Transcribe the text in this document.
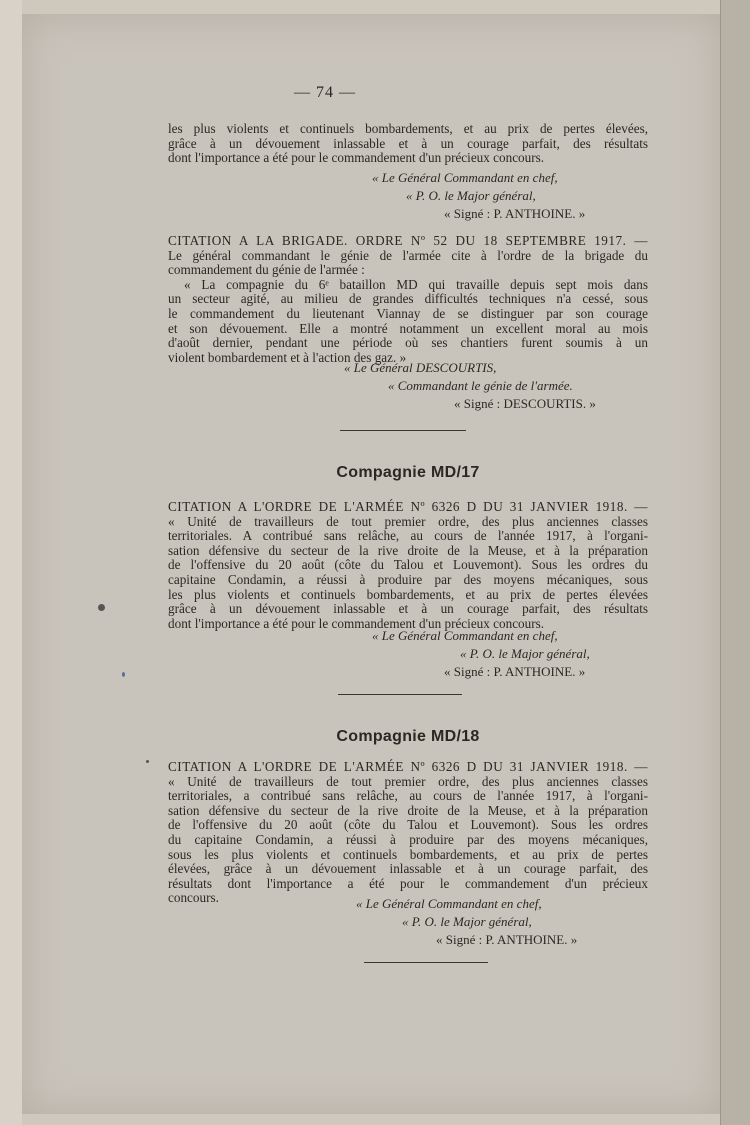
— 74 —
les plus violents et continuels bombardements, et au prix de pertes élevées,
grâce à un dévouement inlassable et à un courage parfait, des résultats
dont l'importance a été pour le commandement d'un précieux concours.
« Le Général Commandant en chef,
« P. O. le Major général,
« Signé : P. ANTHOINE. »
CITATION A LA BRIGADE. ORDRE Nº 52 DU 18 SEPTEMBRE 1917. —
Le général commandant le génie de l'armée cite à l'ordre de la brigade du
commandement du génie de l'armée :
« La compagnie du 6ᵉ bataillon MD qui travaille depuis sept mois dans
un secteur agité, au milieu de grandes difficultés techniques n'a cessé, sous
le commandement du lieutenant Viannay de se distinguer par son courage
et son dévouement. Elle a montré notamment un excellent moral au mois
d'août dernier, pendant une période où ses chantiers furent soumis à un
violent bombardement et à l'action des gaz. »
« Le Général DESCOURTIS,
« Commandant le génie de l'armée.
« Signé : DESCOURTIS. »
Compagnie MD/17
CITATION A L'ORDRE DE L'ARMÉE Nº 6326 D DU 31 JANVIER 1918. —
« Unité de travailleurs de tout premier ordre, des plus anciennes classes
territoriales. A contribué sans relâche, au cours de l'année 1917, à l'organi-
sation défensive du secteur de la rive droite de la Meuse, et à la préparation
de l'offensive du 20 août (côte du Talou et Louvemont). Sous les ordres du
capitaine Condamin, a réussi à produire par des moyens mécaniques, sous
les plus violents et continuels bombardements, et au prix de pertes élevées
grâce à un dévouement inlassable et à un courage parfait, des résultats
dont l'importance a été pour le commandement d'un précieux concours.
« Le Général Commandant en chef,
« P. O. le Major général,
« Signé : P. ANTHOINE. »
Compagnie MD/18
CITATION A L'ORDRE DE L'ARMÉE Nº 6326 D DU 31 JANVIER 1918. —
« Unité de travailleurs de tout premier ordre, des plus anciennes classes
territoriales, a contribué sans relâche, au cours de l'année 1917, à l'organi-
sation défensive du secteur de la rive droite de la Meuse, et à la préparation
de l'offensive du 20 août (côte du Talou et Louvemont). Sous les ordres
du capitaine Condamin, a réussi à produire par des moyens mécaniques,
sous les plus violents et continuels bombardements, et au prix de pertes
élevées, grâce à un dévouement inlassable et à un courage parfait, des
résultats dont l'importance a été pour le commandement d'un précieux
concours.	« Le Général Commandant en chef,
« P. O. le Major général,
« Signé : P. ANTHOINE. »
